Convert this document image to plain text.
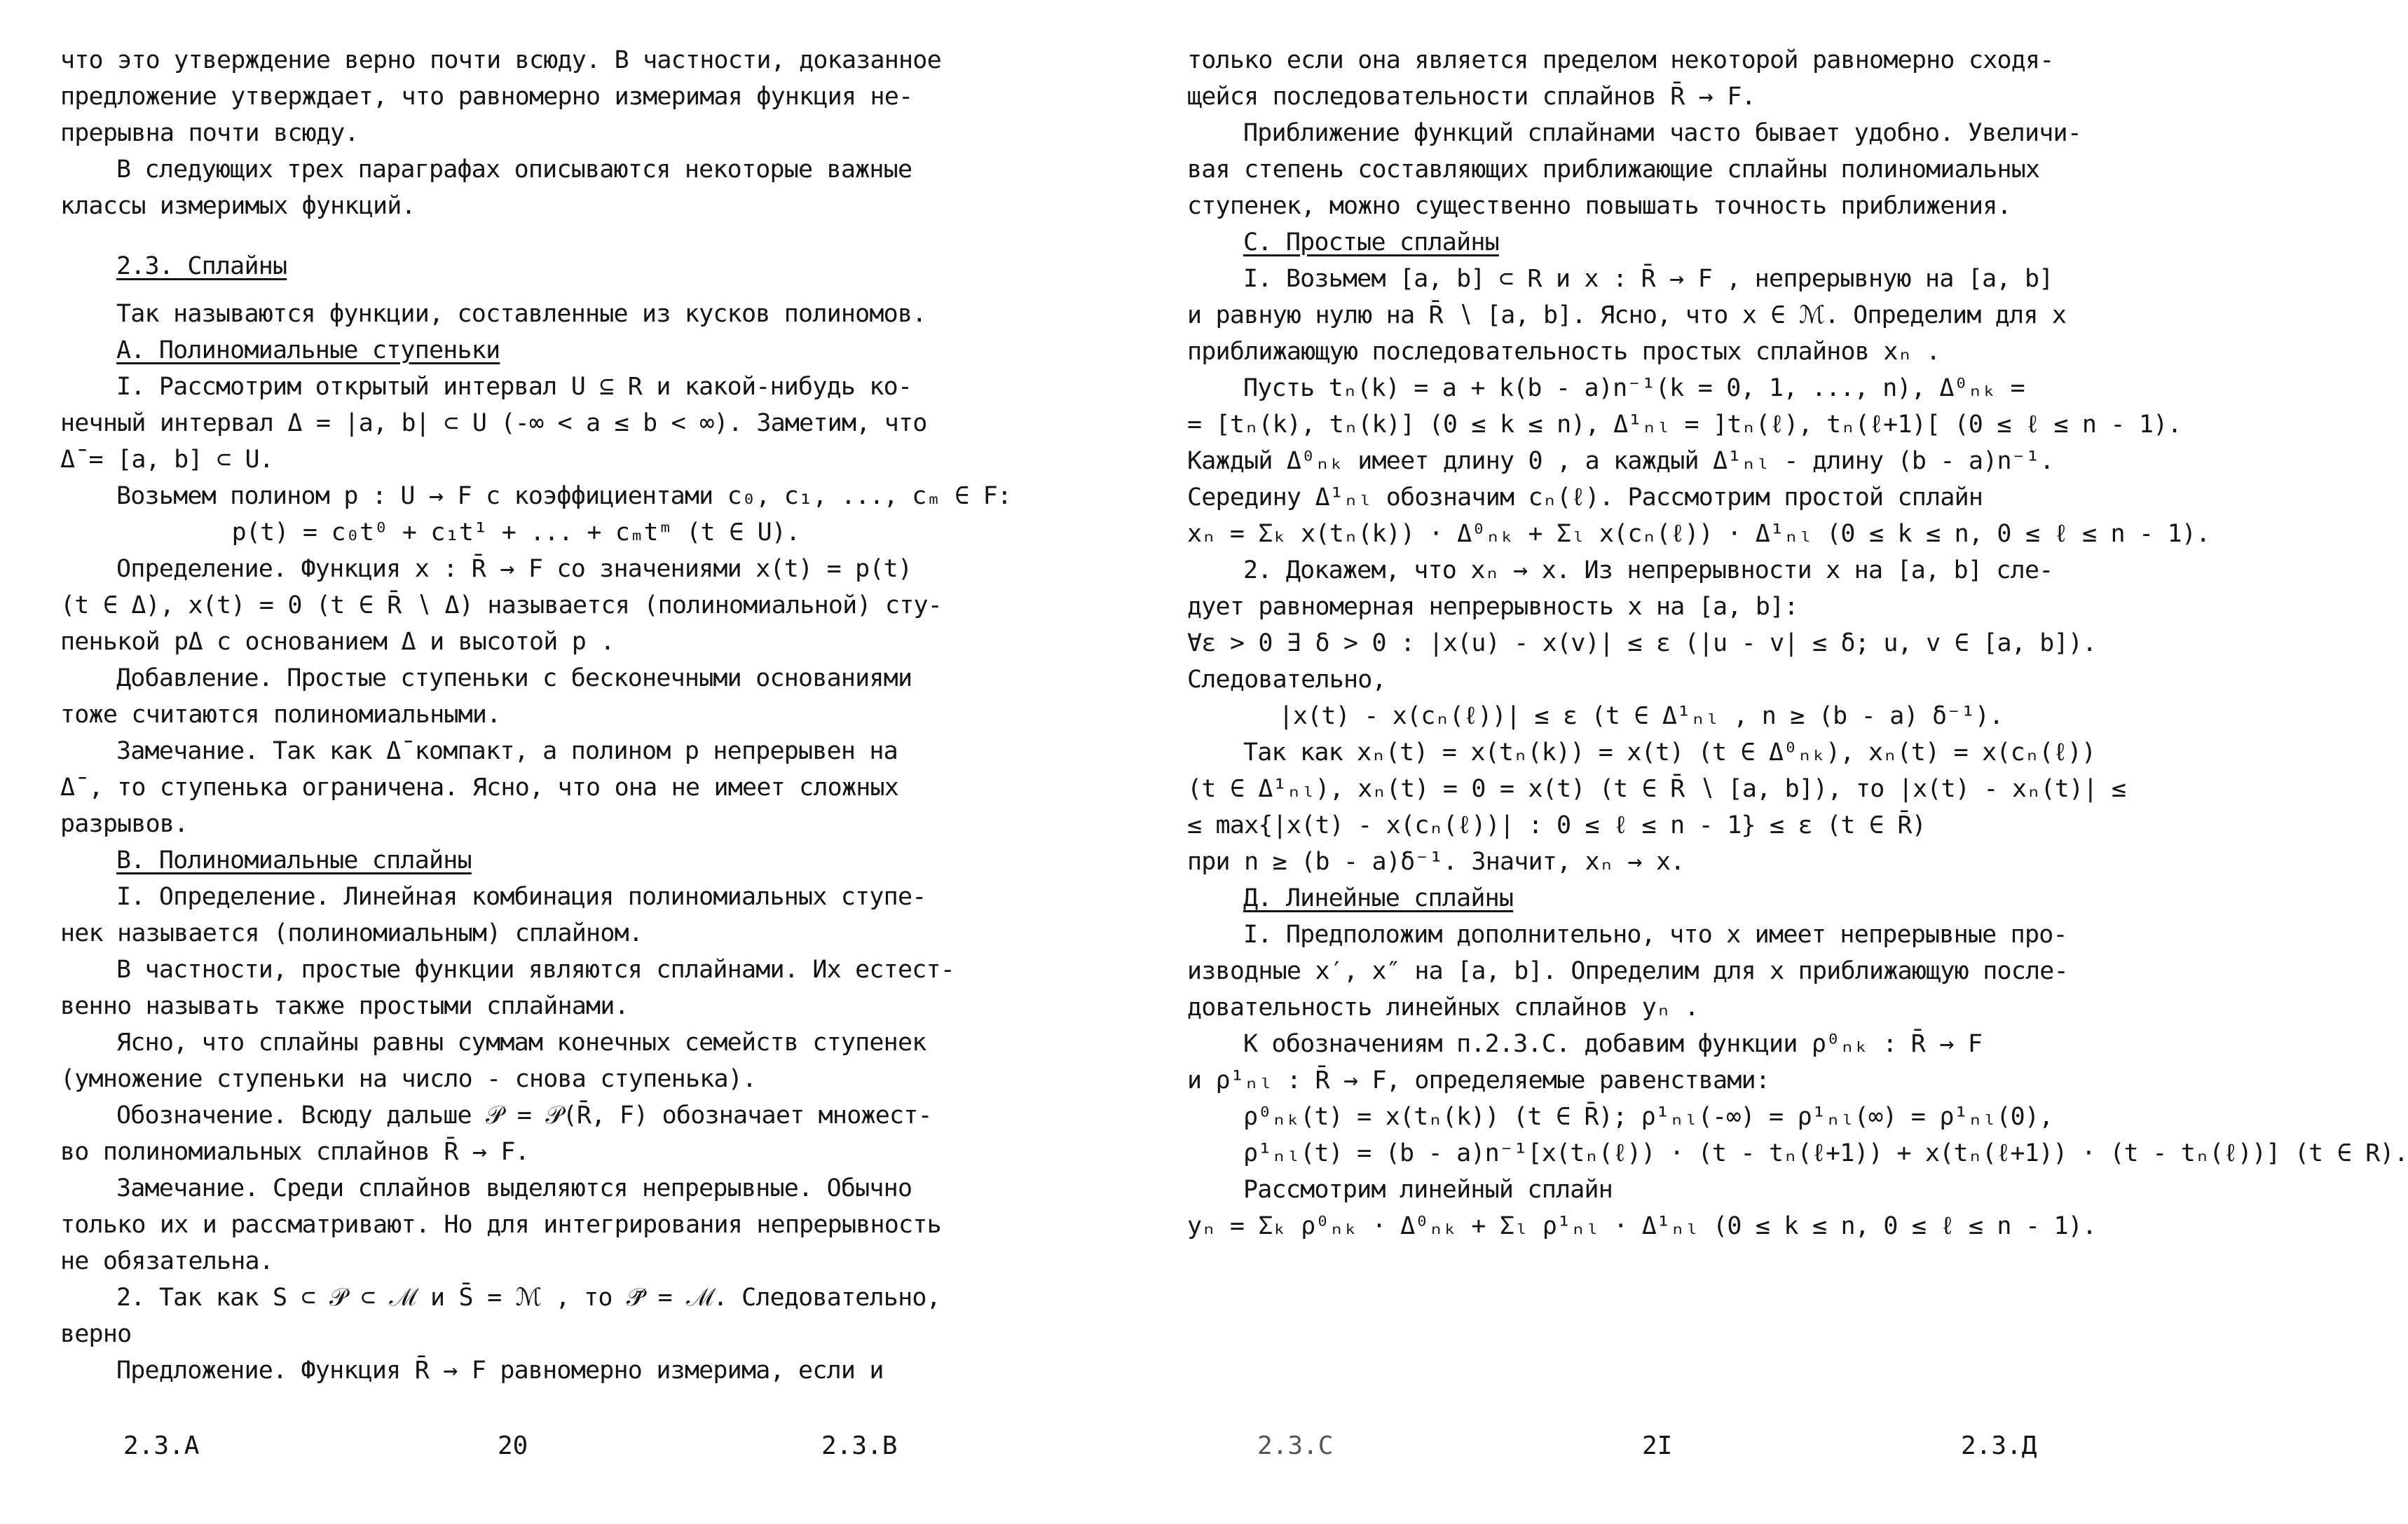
что это утверждение верно почти всюду. В частности, доказанное
предложение утверждает, что равномерно измеримая функция не-
прерывна почти всюду.
В следующих трех параграфах описываются некоторые важные
классы измеримых функций.
2.3. Сплайны
Так называются функции, составленные из кусков полиномов.
А. Полиномиальные ступеньки
I. Рассмотрим открытый интервал U ⊆ R и какой-нибудь ко-
нечный интервал Δ = |a, b| ⊂ U (-∞ < a ≤ b < ∞). Заметим, что
Δ̄ = [a, b] ⊂ U.
Возьмем полином p : U → F с коэффициентами c₀, c₁, ..., cₘ ∈ F:
p(t) = c₀t⁰ + c₁t¹ + ... + cₘtᵐ (t ∈ U).
Определение. Функция x : R̄ → F со значениями x(t) = p(t)
(t ∈ Δ), x(t) = 0 (t ∈ R̄ ∖ Δ) называется (полиномиальной) сту-
пенькой pΔ с основанием Δ и высотой p .
Добавление. Простые ступеньки с бесконечными основаниями
тоже считаются полиномиальными.
Замечание. Так как Δ̄ компакт, а полином p непрерывен на
Δ̄ , то ступенька ограничена. Ясно, что она не имеет сложных
разрывов.
В. Полиномиальные сплайны
I. Определение. Линейная комбинация полиномиальных ступе-
нек называется (полиномиальным) сплайном.
В частности, простые функции являются сплайнами. Их естест-
венно называть также простыми сплайнами.
Ясно, что сплайны равны суммам конечных семейств ступенек
(умножение ступеньки на число - снова ступенька).
Обозначение. Всюду дальше 𝒫 = 𝒫(R̄, F) обозначает множест-
во полиномиальных сплайнов R̄ → F.
Замечание. Среди сплайнов выделяются непрерывные. Обычно
только их и рассматривают. Но для интегрирования непрерывность
не обязательна.
2. Так как S ⊂ 𝒫 ⊂ ℳ и S̄ = ℳ , то 𝒫̄ = ℳ. Следовательно,
верно
Предложение. Функция R̄ → F равномерно измерима, если и
2.3.А	20	2.3.В
только если она является пределом некоторой равномерно сходя-
щейся последовательности сплайнов R̄ → F.
Приближение функций сплайнами часто бывает удобно. Увеличи-
вая степень составляющих приближающие сплайны полиномиальных
ступенек, можно существенно повышать точность приближения.
С. Простые сплайны
I. Возьмем [a, b] ⊂ R и x : R̄ → F , непрерывную на [a, b]
и равную нулю на R̄ ∖ [a, b]. Ясно, что x ∈ ℳ. Определим для x
приближающую последовательность простых сплайнов xₙ .
Пусть tₙ(k) = a + k(b - a)n⁻¹(k = 0, 1, ..., n), Δ⁰ₙₖ =
= [tₙ(k), tₙ(k)] (0 ≤ k ≤ n), Δ¹ₙₗ = ]tₙ(ℓ), tₙ(ℓ+1)[ (0 ≤ ℓ ≤ n - 1).
Каждый Δ⁰ₙₖ имеет длину 0 , а каждый Δ¹ₙₗ - длину (b - a)n⁻¹.
Середину Δ¹ₙₗ обозначим cₙ(ℓ). Рассмотрим простой сплайн
xₙ = Σₖ x(tₙ(k)) · Δ⁰ₙₖ + Σₗ x(cₙ(ℓ)) · Δ¹ₙₗ (0 ≤ k ≤ n, 0 ≤ ℓ ≤ n - 1).
2. Докажем, что xₙ → x. Из непрерывности x на [a, b] сле-
дует равномерная непрерывность x на [a, b]:
∀ε > 0 ∃ δ > 0 : |x(u) - x(v)| ≤ ε (|u - v| ≤ δ; u, v ∈ [a, b]).
Следовательно,
|x(t) - x(cₙ(ℓ))| ≤ ε (t ∈ Δ¹ₙₗ , n ≥ (b - a) δ⁻¹).
Так как xₙ(t) = x(tₙ(k)) = x(t) (t ∈ Δ⁰ₙₖ), xₙ(t) = x(cₙ(ℓ))
(t ∈ Δ¹ₙₗ), xₙ(t) = 0 = x(t) (t ∈ R̄ ∖ [a, b]), то |x(t) - xₙ(t)| ≤
≤ max{|x(t) - x(cₙ(ℓ))| : 0 ≤ ℓ ≤ n - 1} ≤ ε (t ∈ R̄)
при n ≥ (b - a)δ⁻¹. Значит, xₙ → x.
Д. Линейные сплайны
I. Предположим дополнительно, что x имеет непрерывные про-
изводные x′, x″ на [a, b]. Определим для x приближающую после-
довательность линейных сплайнов yₙ .
К обозначениям п.2.3.С. добавим функции ρ⁰ₙₖ : R̄ → F
и ρ¹ₙₗ : R̄ → F, определяемые равенствами:
ρ⁰ₙₖ(t) = x(tₙ(k)) (t ∈ R̄); ρ¹ₙₗ(-∞) = ρ¹ₙₗ(∞) = ρ¹ₙₗ(0),
ρ¹ₙₗ(t) = (b - a)n⁻¹[x(tₙ(ℓ)) · (t - tₙ(ℓ+1)) + x(tₙ(ℓ+1)) · (t - tₙ(ℓ))] (t ∈ R).
Рассмотрим линейный сплайн
yₙ = Σₖ ρ⁰ₙₖ · Δ⁰ₙₖ + Σₗ ρ¹ₙₗ · Δ¹ₙₗ (0 ≤ k ≤ n, 0 ≤ ℓ ≤ n - 1).
2.3.С	2I	2.3.Д
